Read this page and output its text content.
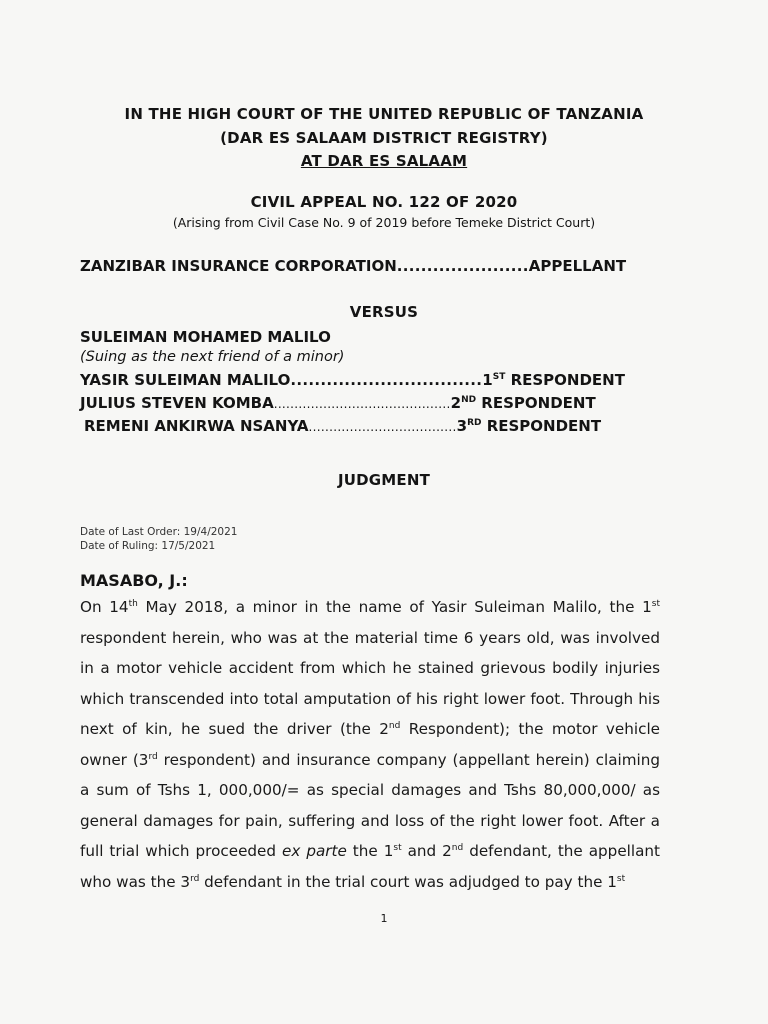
IN THE HIGH COURT OF THE UNITED REPUBLIC OF TANZANIA
(DAR ES SALAAM DISTRICT REGISTRY)
AT DAR ES SALAAM
CIVIL APPEAL NO. 122 OF 2020
(Arising from Civil Case No. 9 of 2019 before Temeke District Court)
ZANZIBAR INSURANCE CORPORATION......................APPELLANT
VERSUS
SULEIMAN MOHAMED MALILO
(Suing as the next friend of a minor)
YASIR SULEIMAN MALILO................................1ST RESPONDENT
JULIUS STEVEN KOMBA...........................................2ND RESPONDENT
REMENI ANKIRWA NSANYA....................................3RD RESPONDENT
JUDGMENT
Date of Last Order: 19/4/2021
Date of Ruling: 17/5/2021
MASABO, J.:
On 14th May 2018, a minor in the name of Yasir Suleiman Malilo, the 1st respondent herein, who was at the material time 6 years old, was involved in a motor vehicle accident from which he stained grievous bodily injuries which transcended into total amputation of his right lower foot. Through his next of kin, he sued the driver (the 2nd Respondent); the motor vehicle owner (3rd respondent) and insurance company (appellant herein) claiming a sum of Tshs 1, 000,000/= as special damages and Tshs 80,000,000/ as general damages for pain, suffering and loss of the right lower foot. After a full trial which proceeded ex parte the 1st and 2nd defendant, the appellant who was the 3rd defendant in the trial court was adjudged to pay the 1st
1
